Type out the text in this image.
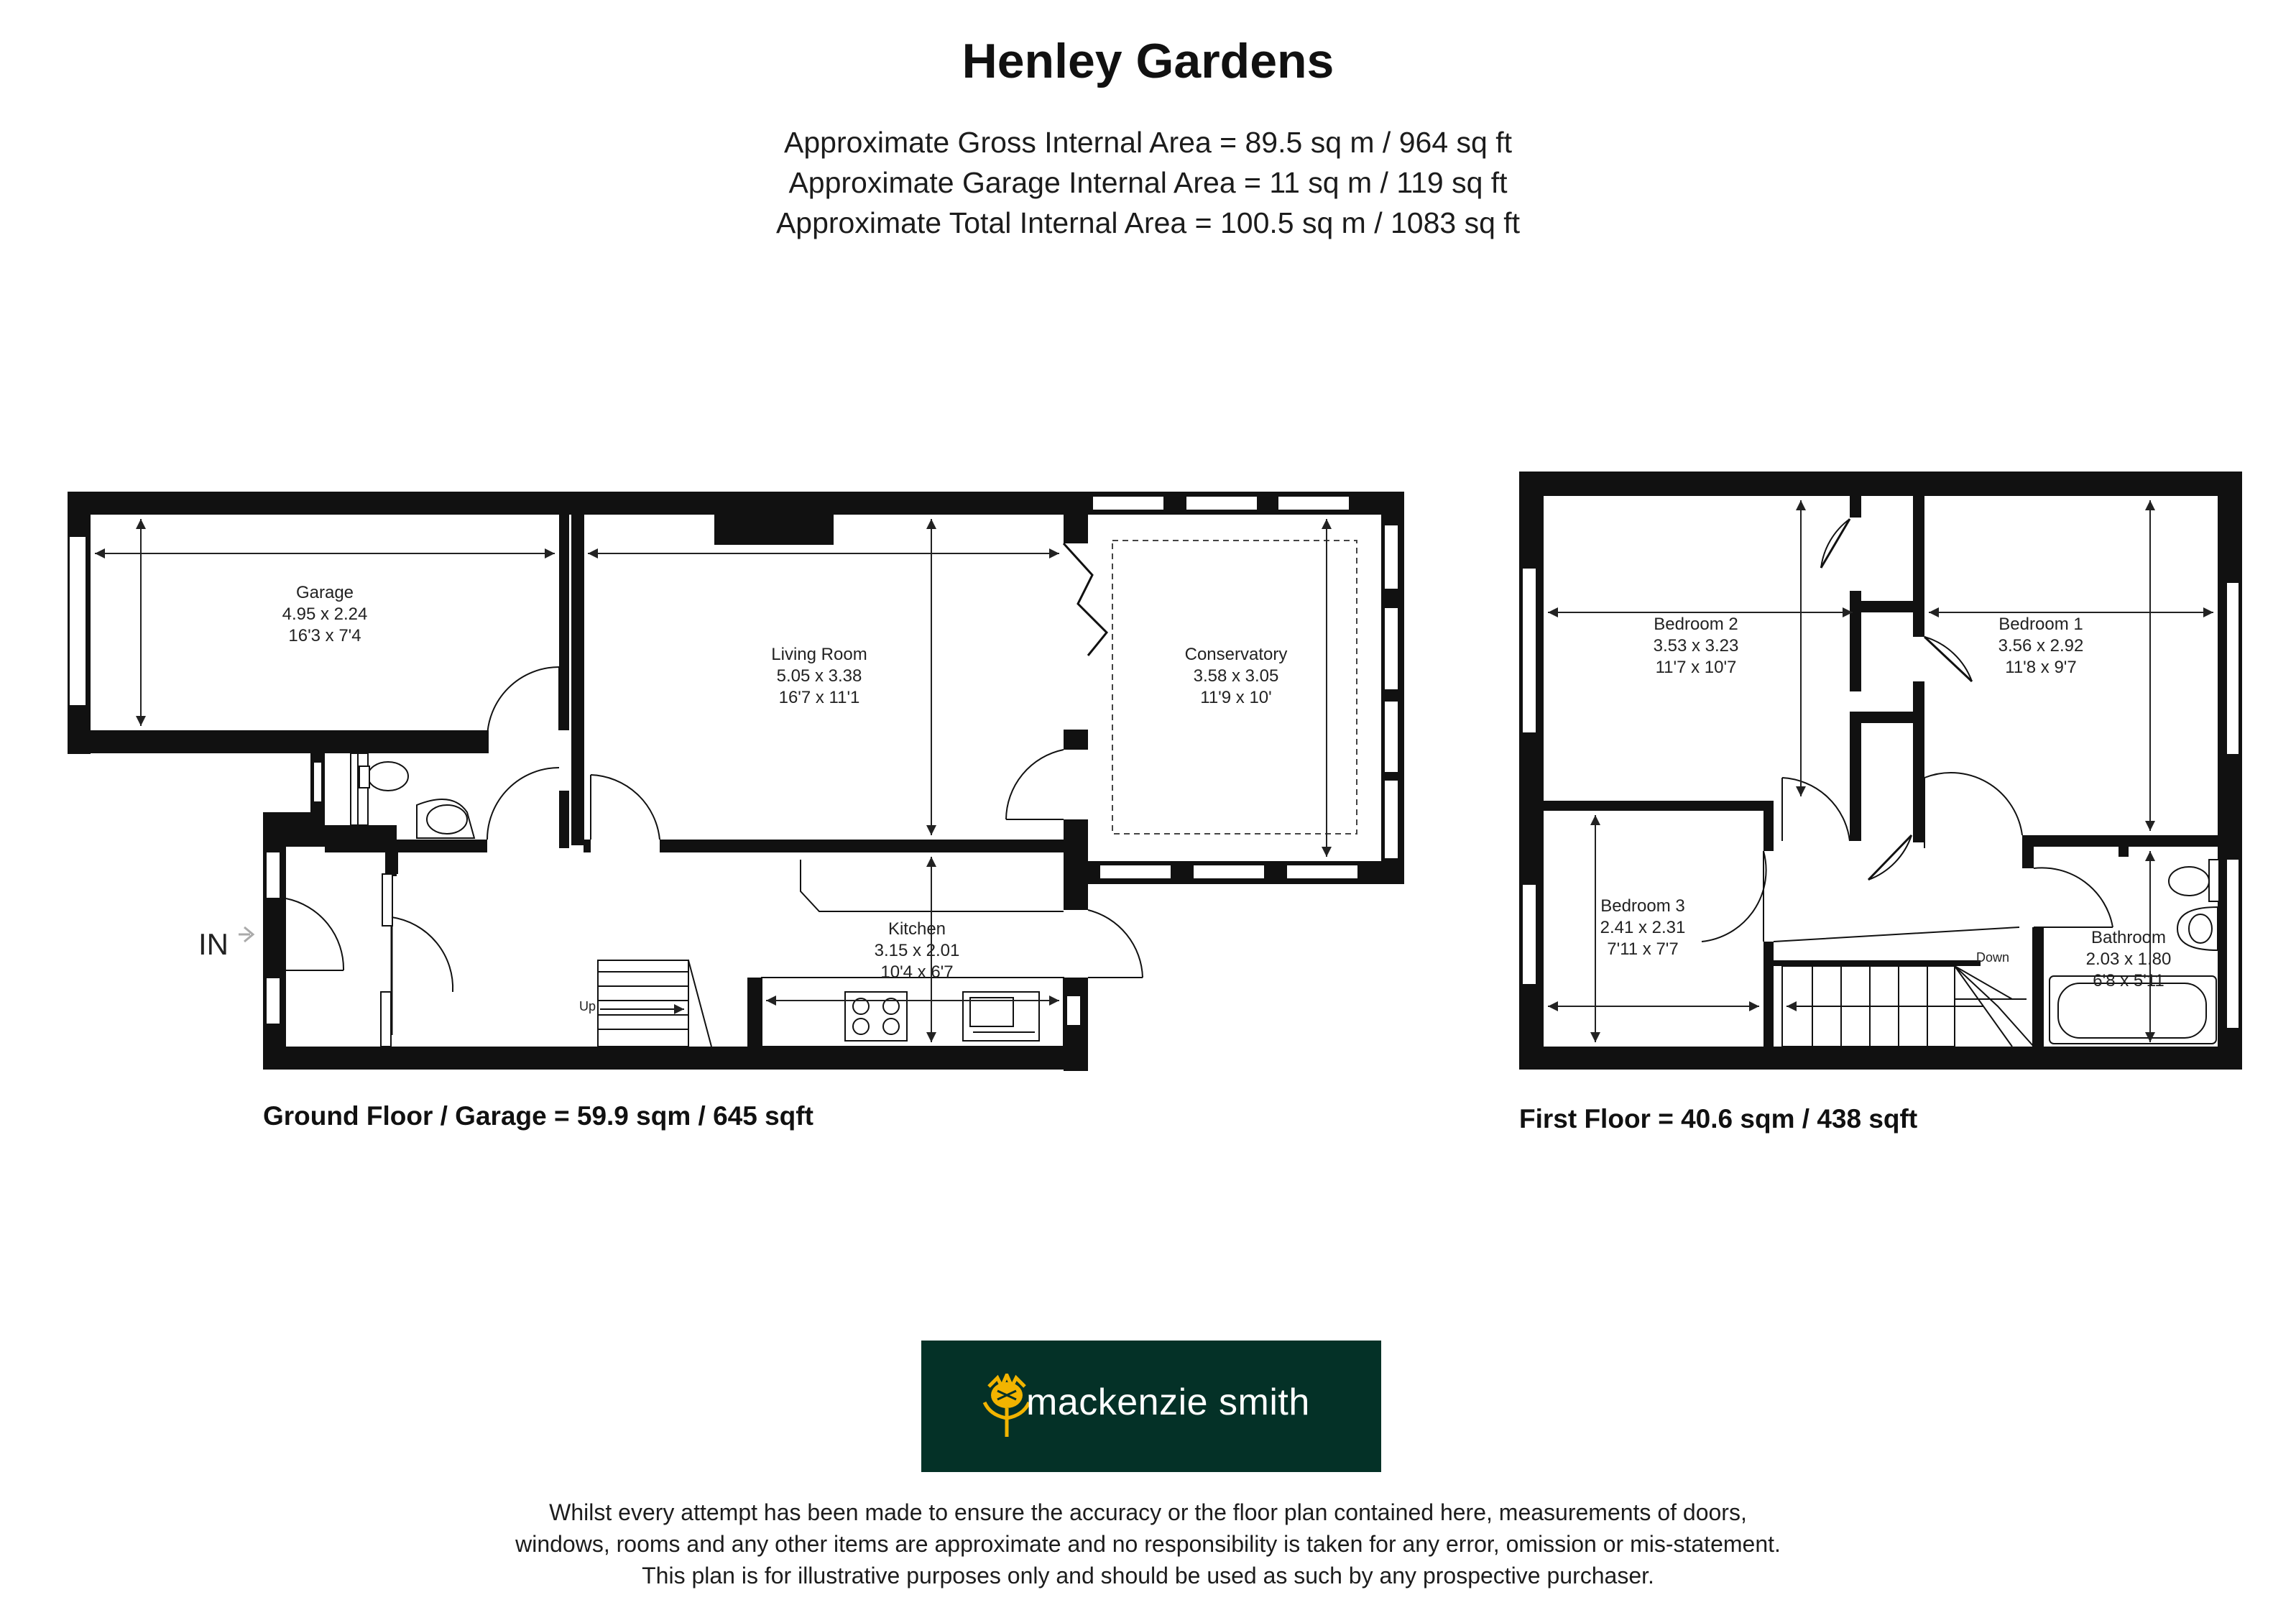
Henley Gardens
Approximate Gross Internal Area = 89.5 sq m / 964 sq ft
Approximate Garage Internal Area = 11 sq m / 119 sq ft
Approximate Total Internal Area = 100.5 sq m / 1083 sq ft
Garage
4.95 x 2.24
16'3 x 7'4
Living Room
5.05 x 3.38
16'7 x 11'1
Conservatory
3.58 x 3.05
11'9 x 10'
Kitchen
3.15 x 2.01
10'4 x 6'7
Up
IN
Bedroom 2
3.53 x 3.23
11'7 x 10'7
Bedroom 1
3.56 x 2.92
11'8 x 9'7
Bedroom 3
2.41 x 2.31
7'11 x 7'7
Bathroom
2.03 x 1.80
6'8 x 5'11
Down
Ground Floor / Garage = 59.9 sqm / 645 sqft	First Floor = 40.6 sqm / 438 sqft
mackenzie smith
Whilst every attempt has been made to ensure the accuracy or the floor plan contained here, measurements of doors,
windows, rooms and any other items are approximate and no responsibility is taken for any error, omission or mis-statement.
This plan is for illustrative purposes only and should be used as such by any prospective purchaser.
